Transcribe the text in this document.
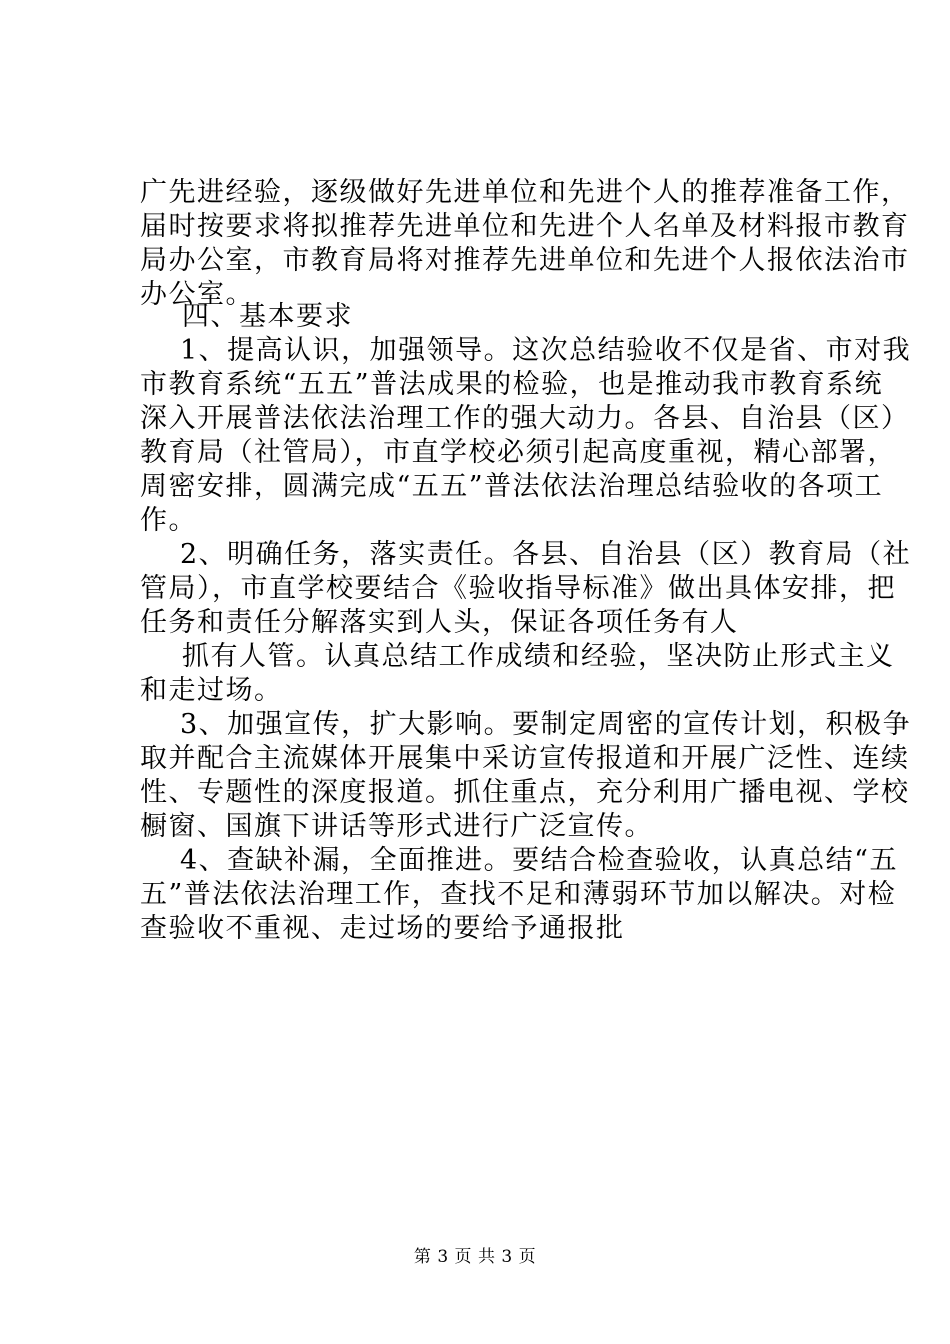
广先进经验，逐级做好先进单位和先进个人的推荐准备工作，
届时按要求将拟推荐先进单位和先进个人名单及材料报市教育
局办公室，市教育局将对推荐先进单位和先进个人报依法治市
办公室。
四、基本要求
1、提高认识，加强领导。这次总结验收不仅是省、市对我
市教育系统“五五”普法成果的检验，也是推动我市教育系统
深入开展普法依法治理工作的强大动力。各县、自治县（区）
教育局（社管局），市直学校必须引起高度重视，精心部署，
周密安排，圆满完成“五五”普法依法治理总结验收的各项工
作。
2、明确任务，落实责任。各县、自治县（区）教育局（社
管局），市直学校要结合《验收指导标准》做出具体安排，把
任务和责任分解落实到人头，保证各项任务有人
抓有人管。认真总结工作成绩和经验，坚决防止形式主义
和走过场。
3、加强宣传，扩大影响。要制定周密的宣传计划，积极争
取并配合主流媒体开展集中采访宣传报道和开展广泛性、连续
性、专题性的深度报道。抓住重点，充分利用广播电视、学校
橱窗、国旗下讲话等形式进行广泛宣传。
4、查缺补漏，全面推进。要结合检查验收，认真总结“五
五”普法依法治理工作，查找不足和薄弱环节加以解决。对检
查验收不重视、走过场的要给予通报批
第 3 页 共 3 页
